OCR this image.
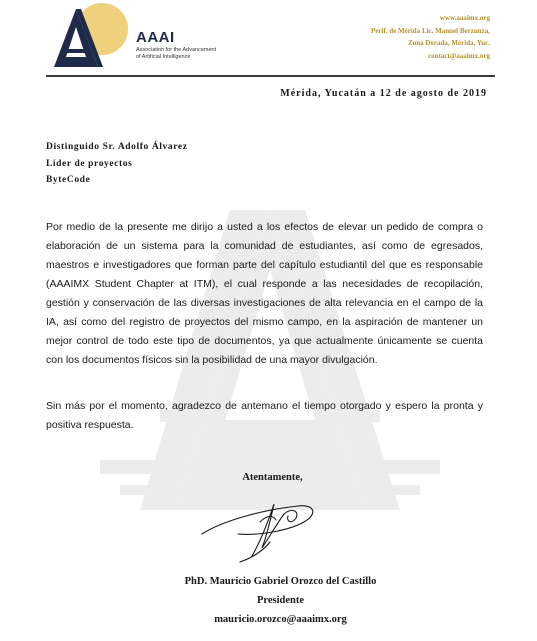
AAAI
Association for the Advancement
of Artificial Intelligence
www.aaaimx.org
Perif. de Mérida Lic. Manuel Berzunza,
Zona Dorada, Mérida, Yuc.
contact@aaaimx.org
Mérida, Yucatán a 12 de agosto de 2019
Distinguido Sr. Adolfo Álvarez
Líder de proyectos
ByteCode

Por medio de la presente me dirijo a usted a los efectos de elevar un pedido de compra o elaboración de un sistema para la comunidad de estudiantes, así como de egresados, maestros e investigadores que forman parte del capítulo estudiantil del que es responsable (AAAIMX Student Chapter at ITM), el cual responde a las necesidades de recopilación, gestión y conservación de las diversas investigaciones de alta relevancia en el campo de la IA, así como del registro de proyectos del mismo campo, en la aspiración de mantener un mejor control de todo este tipo de documentos, ya que actualmente únicamente se cuenta con los documentos físicos sin la posibilidad de una mayor divulgación.

Sin más por el momento, agradezco de antemano el tiempo otorgado y espero la pronta y positiva respuesta.

Atentamente,
PhD. Mauricio Gabriel Orozco del Castillo
Presidente
mauricio.orozco@aaaimx.org
